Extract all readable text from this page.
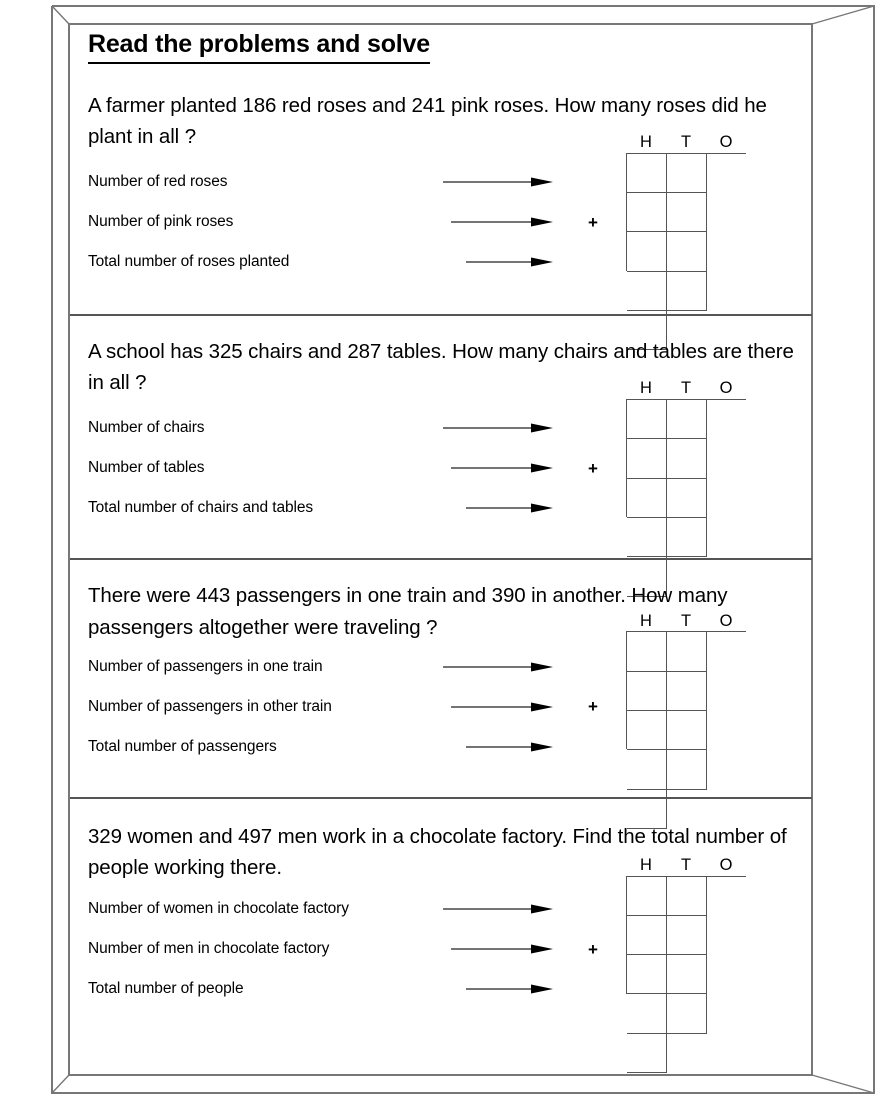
Read the problems and solve
A farmer planted 186 red roses and 241 pink roses. How many roses did he plant in all ?
Number of red roses
Number of pink roses	+
Total number of roses planted
H	T	O
A school has 325 chairs and 287 tables. How many chairs and tables are there in all ?
Number of chairs
Number of tables	+
Total number of chairs and tables
H	T	O
There were 443 passengers in one train and 390 in another. How many passengers altogether were traveling ?
Number of passengers in one train
Number of passengers in other train	+
Total number of passengers
H	T	O
329 women and 497 men work in a chocolate factory. Find the total number of people working there.
Number of women in chocolate factory
Number of men in chocolate factory	+
Total number of people
H	T	O
